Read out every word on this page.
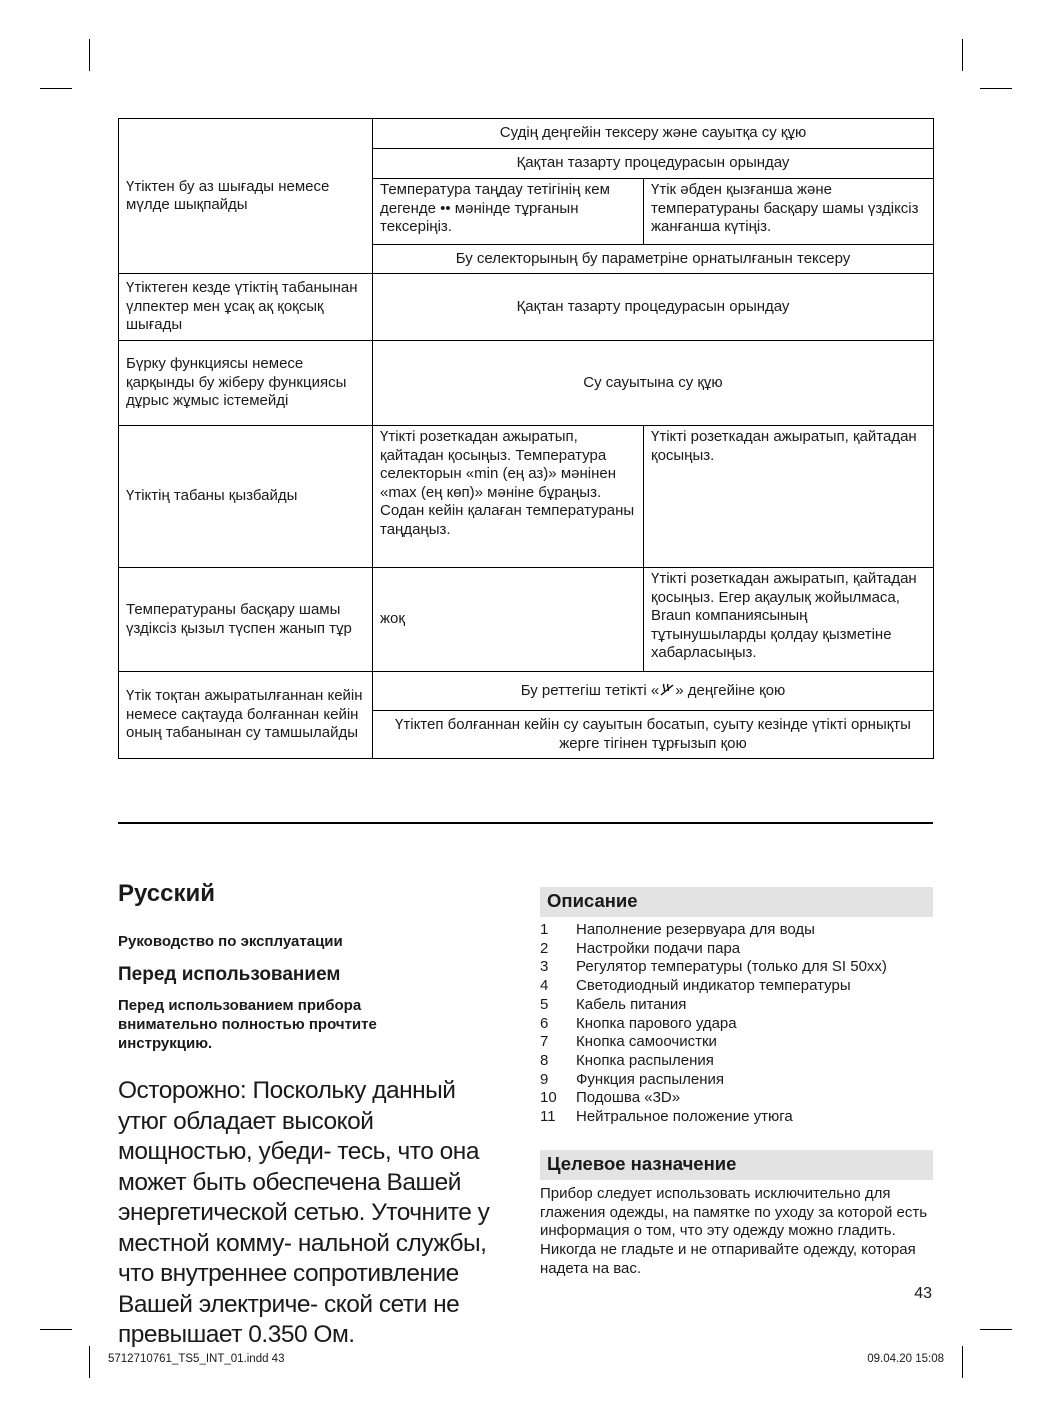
Үтіктен бу аз шығады немесе мүлде шықпайды	Судің деңгейін тексеру және сауытқа су құю	
	Қақтан тазарту процедурасын орындау	
	Температура таңдау тетігінің кем дегенде •• мәнінде тұрғанын тексеріңіз.	Үтік әбден қызғанша және температураны басқару шамы үздіксіз жанғанша күтіңіз.
	Бу селекторының бу параметріне орнатылғанын тексеру	
Үтіктеген кезде үтіктің табанынан үлпектер мен ұсақ ақ қоқсық шығады	Қақтан тазарту процедурасын орындау	
Бүрку функциясы немесе қарқынды бу жіберу функциясы дұрыс жұмыс істемейді	Су сауытына су құю	
Үтіктің табаны қызбайды	Үтікті розеткадан ажыратып, қайтадан қосыңыз. Температура селекторын «min (ең аз)» мәнінен «max (ең көп)» мәніне бұраңыз. Содан кейін қалаған температураны таңдаңыз.	Үтікті розеткадан ажыратып, қайтадан қосыңыз.
Температураны басқару шамы үздіксіз қызыл түспен жанып тұр	жоқ	Үтікті розеткадан ажыратып, қайтадан қосыңыз. Егер ақаулық жойылмаса, Braun компаниясының тұтынушыларды қолдау қызметіне хабарласыңыз.
Үтік тоқтан ажыратылғаннан кейін немесе сақтауда болғаннан кейін оның табанынан су тамшылайды	Бу реттегіш тетікті « » деңгейіне қою	
	Үтіктеп болғаннан кейін су сауытын босатып, суыту кезінде үтікті орнықты жерге тігінен тұрғызып қою	
Русский
Руководство по эксплуатации
Перед использованием
Перед использованием прибора внимательно полностью прочтите инструкцию.
Осторожно: Поскольку данный утюг обладает высокой мощностью, убеди- тесь, что она может быть обеспечена Вашей энергетической сетью. Уточните у местной комму- нальной службы, что внутреннее сопротивление Вашей электриче- ской сети не превышает 0.350 Ом.
Описание
1	Наполнение резервуара для воды
2	Настройки подачи пара
3	Регулятор температуры (только для SI 50xx)
4	Светодиодный индикатор температуры
5	Кабель питания
6	Кнопка парового удара
7	Кнопка самоочистки
8	Кнопка распыления
9	Функция распыления
10	Подошва «3D»
11	Нейтральное положение утюга
Целевое назначение
Прибор следует использовать исключительно для глажения одежды, на памятке по уходу за которой есть информация о том, что эту одежду можно гладить. Никогда не гладьте и не отпаривайте одежду, которая надета на вас.
43
5712710761_TS5_INT_01.indd 43	09.04.20 15:08
